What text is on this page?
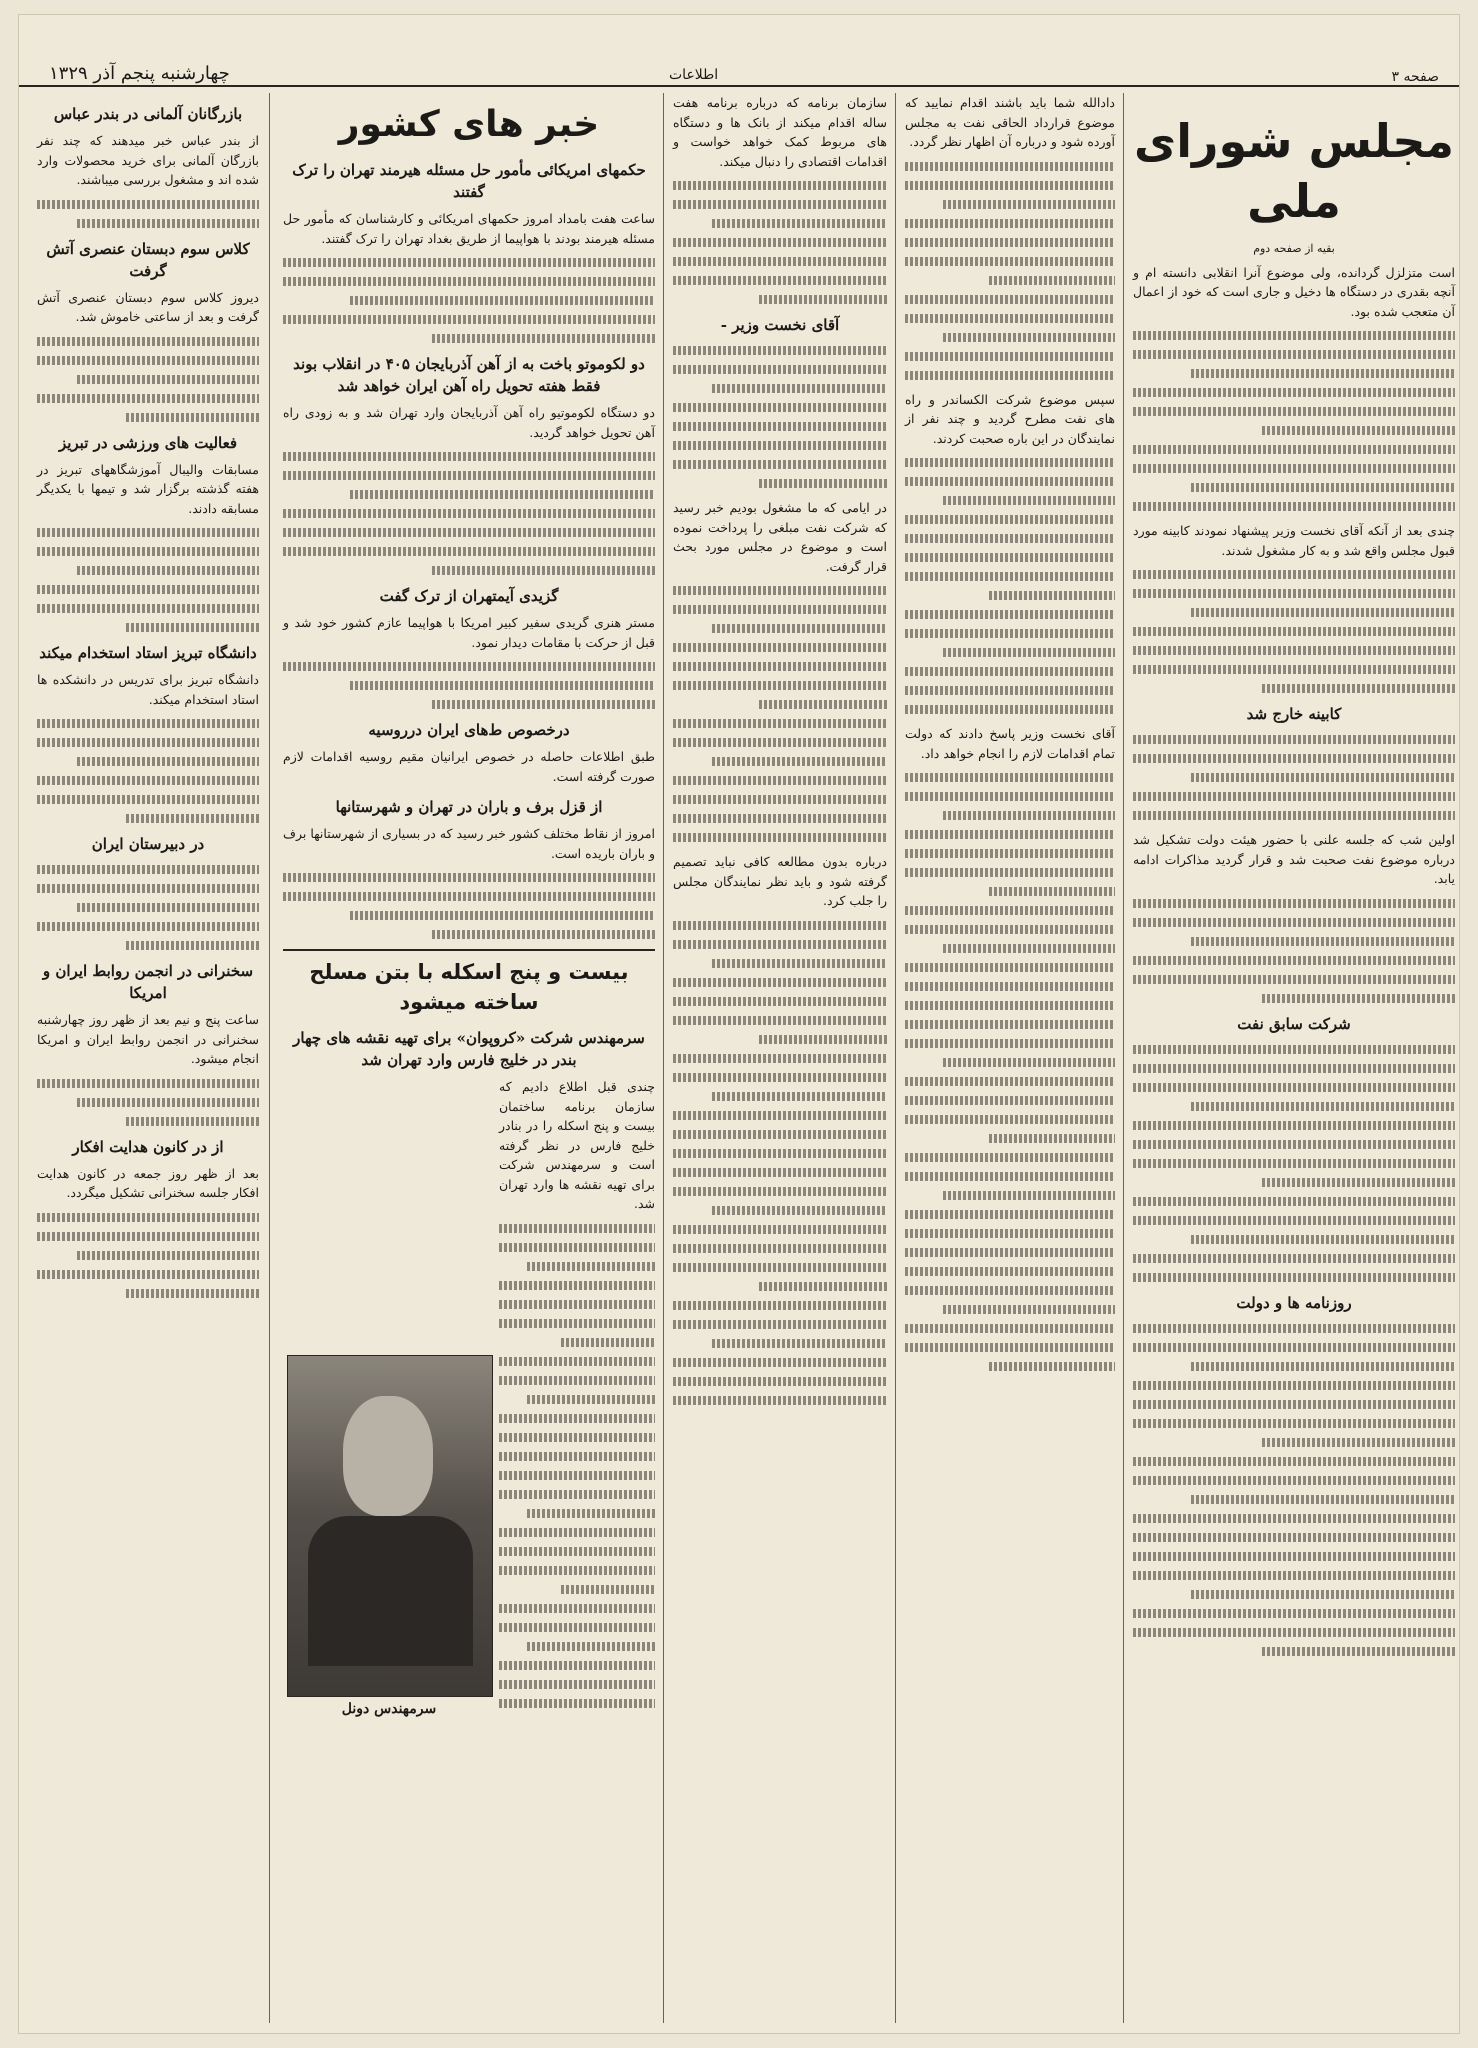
صفحه ۳
اطلاعات
چهارشنبه پنجم آذر ۱۳۲۹
مجلس شورای ملی
بقیه از صفحه دوم

است متزلزل گردانده، ولی موضوع آنرا انقلابی دانسته ام و آنچه بقدری در دستگاه ها دخیل و جاری است که خود از اعمال آن متعجب شده بود.

چندی بعد از آنکه آقای نخست وزیر پیشنهاد نمودند کابینه مورد قبول مجلس واقع شد و به کار مشغول شدند.

کابینه خارج شد

اولین شب که جلسه علنی با حضور هیئت دولت تشکیل شد درباره موضوع نفت صحبت شد و قرار گردید مذاکرات ادامه یابد.

شرکت سابق نفت
روزنامه ها و دولت

دادالله شما باید باشند اقدام نمایید که موضوع قرارداد الحاقی نفت به مجلس آورده شود و درباره آن اظهار نظر گردد.

سپس موضوع شرکت الکساندر و راه های نفت مطرح گردید و چند نفر از نمایندگان در این باره صحبت کردند.

آقای نخست وزیر پاسخ دادند که دولت تمام اقدامات لازم را انجام خواهد داد.

سازمان برنامه که درباره برنامه هفت ساله اقدام میکند از بانک ها و دستگاه های مربوط کمک خواهد خواست و اقدامات اقتصادی را دنبال میکند.

آقای نخست وزیر -

در ایامی که ما مشغول بودیم خبر رسید که شرکت نفت مبلغی را پرداخت نموده است و موضوع در مجلس مورد بحث قرار گرفت.

درباره بدون مطالعه کافی نباید تصمیم گرفته شود و باید نظر نمایندگان مجلس را جلب کرد.

خبر های کشور
حکمهای امریکائی مأمور حل مسئله هیرمند تهران را ترک گفتند

ساعت هفت بامداد امروز حکمهای امریکائی و کارشناسان که مأمور حل مسئله هیرمند بودند با هواپیما از طریق بغداد تهران را ترک گفتند.

دو لکوموتو باخت به از آهن آذربایجان ۴۰۵ در انقلاب بوند فقط هفته تحویل راه آهن ایران خواهد شد

دو دستگاه لکوموتیو راه آهن آذربایجان وارد تهران شد و به زودی راه آهن تحویل خواهد گردید.

گزیدی آیمتهران از ترک گفت

مستر هنری گریدی سفیر کبیر امریکا با هواپیما عازم کشور خود شد و قبل از حرکت با مقامات دیدار نمود.

درخصوص ط‌های ایران درروسیه

طبق اطلاعات حاصله در خصوص ایرانیان مقیم روسیه اقدامات لازم صورت گرفته است.

از قزل برف و باران در تهران و شهرستانها

امروز از نقاط مختلف کشور خبر رسید که در بسیاری از شهرستانها برف و باران باریده است.

بیست و پنج اسکله با بتن مسلح ساخته میشود
سرمهندس شرکت «کروپوان» برای تهیه نقشه های چهار بندر در خلیج فارس وارد تهران شد

چندی قبل اطلاع دادیم که سازمان برنامه ساختمان بیست و پنج اسکله را در بنادر خلیج فارس در نظر گرفته است و سرمهندس شرکت برای تهیه نقشه ها وارد تهران شد.

سرمهندس دونل
بازرگانان آلمانی در بندر عباس

از بندر عباس خبر میدهند که چند نفر بازرگان آلمانی برای خرید محصولات وارد شده اند و مشغول بررسی میباشند.

کلاس سوم دبستان عنصری آتش گرفت

دیروز کلاس سوم دبستان عنصری آتش گرفت و بعد از ساعتی خاموش شد.

فعالیت های ورزشی در تبریز

مسابقات والیبال آموزشگاههای تبریز در هفته گذشته برگزار شد و تیمها با یکدیگر مسابقه دادند.

دانشگاه تبریز استاد استخدام میکند

دانشگاه تبریز برای تدریس در دانشکده ها استاد استخدام میکند.

در دبیرستان ایران
سخنرانی در انجمن روابط ایران و امریکا

ساعت پنج و نیم بعد از ظهر روز چهارشنبه سخنرانی در انجمن روابط ایران و امریکا انجام میشود.

از در کانون هدایت افکار

بعد از ظهر روز جمعه در کانون هدایت افکار جلسه سخنرانی تشکیل میگردد.
